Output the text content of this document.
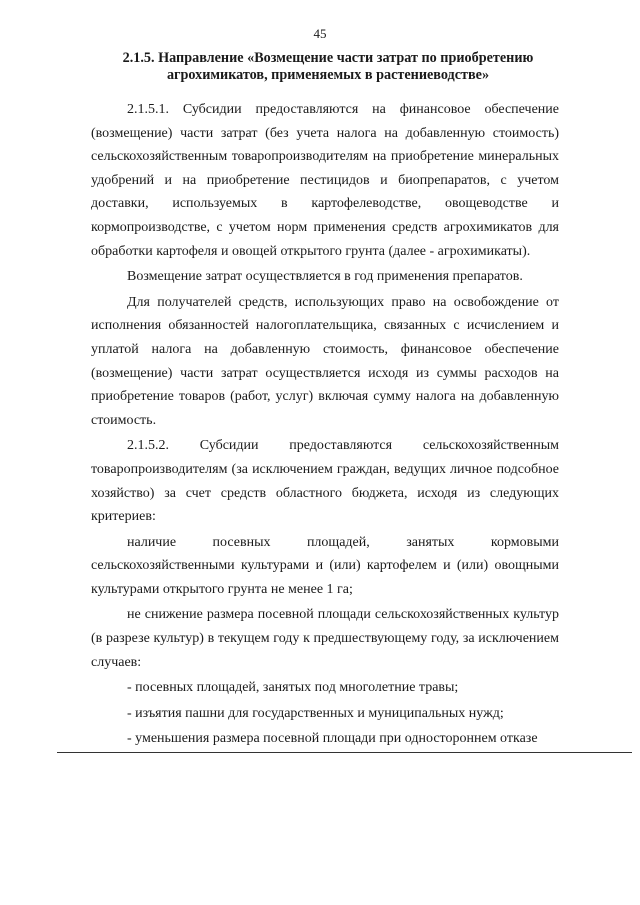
45
2.1.5. Направление «Возмещение части затрат по приобретению агрохимикатов, применяемых в растениеводстве»

2.1.5.1. Субсидии предоставляются на финансовое обеспечение (возмещение) части затрат (без учета налога на добавленную стоимость) сельскохозяйственным товаропроизводителям на приобретение минеральных удобрений и на приобретение пестицидов и биопрепаратов, с учетом доставки, используемых в картофелеводстве, овощеводстве и кормопроизводстве, с учетом норм применения средств агрохимикатов для обработки картофеля и овощей открытого грунта (далее - агрохимикаты).

Возмещение затрат осуществляется в год применения препаратов.

Для получателей средств, использующих право на освобождение от исполнения обязанностей налогоплательщика, связанных с исчислением и уплатой налога на добавленную стоимость, финансовое обеспечение (возмещение) части затрат осуществляется исходя из суммы расходов на приобретение товаров (работ, услуг) включая сумму налога на добавленную стоимость.

2.1.5.2. Субсидии предоставляются сельскохозяйственным товаропроизводителям (за исключением граждан, ведущих личное подсобное хозяйство) за счет средств областного бюджета, исходя из следующих критериев:

наличие посевных площадей, занятых кормовыми сельскохозяйственными культурами и (или) картофелем и (или) овощными культурами открытого грунта не менее 1 га;

не снижение размера посевной площади сельскохозяйственных культур (в разрезе культур) в текущем году к предшествующему году, за исключением случаев:

- посевных площадей, занятых под многолетние травы;

- изъятия пашни для государственных и муниципальных нужд;

- уменьшения размера посевной площади при одностороннем отказе
